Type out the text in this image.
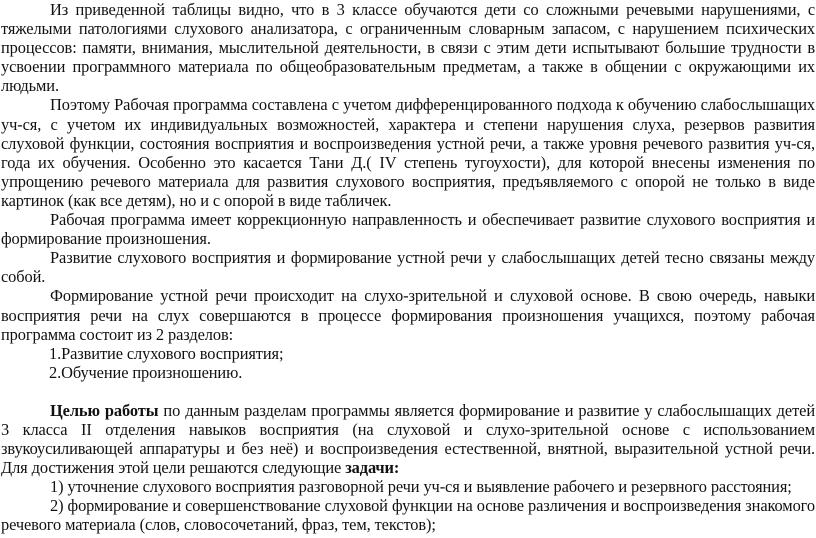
Из приведенной таблицы видно, что в 3 классе обучаются дети со сложными речевыми нарушениями, с тяжелыми патологиями слухового анализатора, с ограниченным словарным запасом, с нарушением психических процессов: памяти, внимания, мыслительной деятельности, в связи с этим дети испытывают большие трудности в усвоении программного материала по общеобразовательным предметам, а также в общении с окружающими их людьми.

Поэтому Рабочая программа составлена с учетом дифференцированного подхода к обучению слабослышащих уч-ся, с учетом их индивидуальных возможностей, характера и степени нарушения слуха, резервов развития слуховой функции, состояния восприятия и воспроизведения устной речи, а также уровня речевого развития уч-ся, года их обучения. Особенно это касается Тани Д.( IV степень тугоухости), для которой внесены изменения по упрощению речевого материала для развития слухового восприятия, предъявляемого с опорой не только в виде картинок (как все детям), но и с опорой в виде табличек.

Рабочая программа имеет коррекционную направленность и обеспечивает развитие слухового восприятия и формирование произношения.

Развитие слухового восприятия и формирование устной речи у слабослышащих детей тесно связаны между собой.

Формирование устной речи происходит на слухо-зрительной и слуховой основе. В свою очередь, навыки восприятия речи на слух совершаются в процессе формирования произношения учащихся, поэтому рабочая программа состоит из 2 разделов:

1.Развитие слухового восприятия;

2.Обучение произношению.

Целью работы по данным разделам программы является формирование и развитие у слабослышащих детей 3 класса II отделения навыков восприятия (на слуховой и слухо-зрительной основе с использованием звукоусиливающей аппаратуры и без неё) и воспроизведения естественной, внятной, выразительной устной речи. Для достижения этой цели решаются следующие задачи:

1) уточнение слухового восприятия разговорной речи уч-ся и выявление рабочего и резервного расстояния;

2) формирование и совершенствование слуховой функции на основе различения и воспроизведения знакомого речевого материала (слов, словосочетаний, фраз, тем, текстов);
